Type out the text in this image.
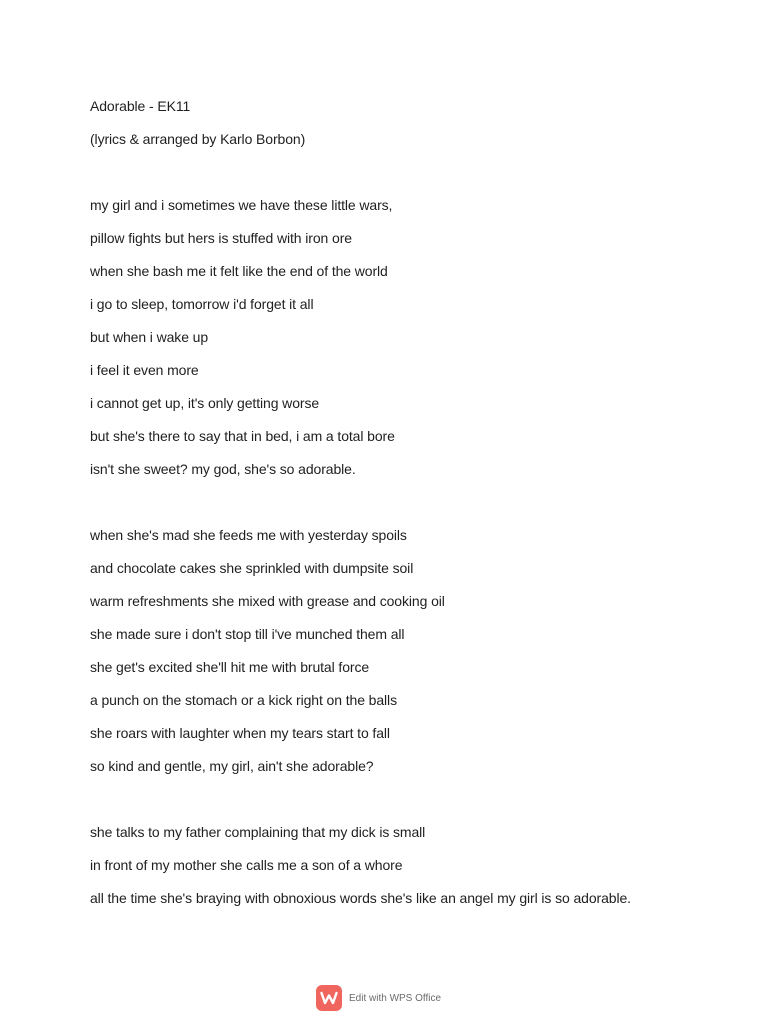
Adorable - EK11
(lyrics & arranged by Karlo Borbon)
my girl and i sometimes we have these little wars,
pillow fights but hers is stuffed with iron ore
when she bash me it felt like the end of the world
i go to sleep, tomorrow i'd forget it all
but when i wake up
i feel it even more
i cannot get up, it's only getting worse
but she's there to say that in bed, i am a total bore
isn't she sweet? my god, she's so adorable.
when she's mad she feeds me with yesterday spoils
and chocolate cakes she sprinkled with dumpsite soil
warm refreshments she mixed with grease and cooking oil
she made sure i don't stop till i've munched them all
she get's excited she'll hit me with brutal force
a punch on the stomach or a kick right on the balls
she roars with laughter when my tears start to fall
so kind and gentle, my girl, ain't she adorable?
she talks to my father complaining that my dick is small
in front of my mother she calls me a son of a whore
all the time she's braying with obnoxious words she's like an angel my girl is so adorable.
Edit with WPS Office
